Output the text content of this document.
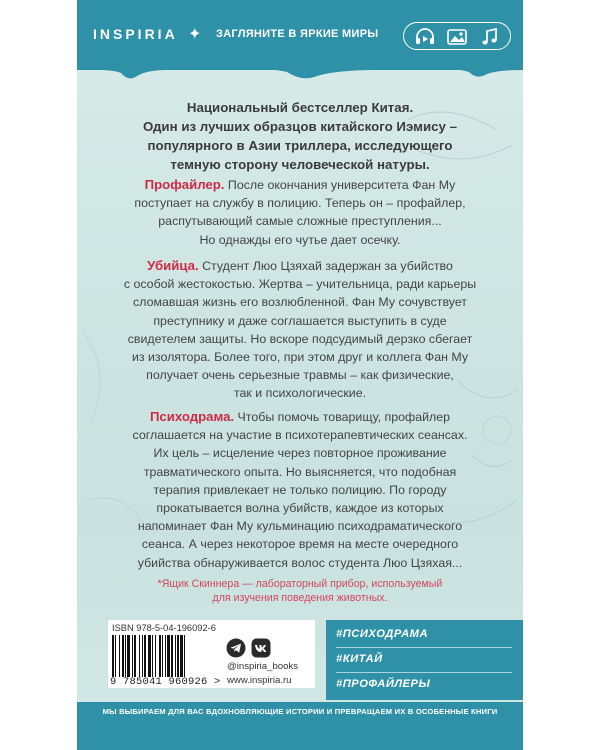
INSPIRIA ✦ ЗАГЛЯНИТЕ В ЯРКИЕ МИРЫ
Национальный бестселлер Китая.
Один из лучших образцов китайского Иэмису –
популярного в Азии триллера, исследующего
темную сторону человеческой натуры.
Профайлер. После окончания университета Фан Му
поступает на службу в полицию. Теперь он – профайлер,
распутывающий самые сложные преступления...
Но однажды его чутье дает осечку.
Убийца. Студент Люо Цзяхай задержан за убийство
с особой жестокостью. Жертва – учительница, ради карьеры
сломавшая жизнь его возлюбленной. Фан Му сочувствует
преступнику и даже соглашается выступить в суде
свидетелем защиты. Но вскоре подсудимый дерзко сбегает
из изолятора. Более того, при этом друг и коллега Фан Му
получает очень серьезные травмы – как физические,
так и психологические.
Психодрама. Чтобы помочь товарищу, профайлер
соглашается на участие в психотерапевтических сеансах.
Их цель – исцеление через повторное проживание
травматического опыта. Но выясняется, что подобная
терапия привлекает не только полицию. По городу
прокатывается волна убийств, каждое из которых
напоминает Фан Му кульминацию психодраматического
сеанса. А через некоторое время на месте очередного
убийства обнаруживается волос студента Люо Цзяхая...
*Ящик Скиннера — лабораторный прибор, используемый
для изучения поведения животных.
ISBN 978-5-04-196092-6
9 785041 960926 >
@inspiria_books
www.inspiria.ru
#ПСИХОДРАМА
#КИТАЙ
#ПРОФАЙЛЕРЫ
МЫ ВЫБИРАЕМ ДЛЯ ВАС ВДОХНОВЛЯЮЩИЕ ИСТОРИИ И ПРЕВРАЩАЕМ ИХ В ОСОБЕННЫЕ КНИГИ
